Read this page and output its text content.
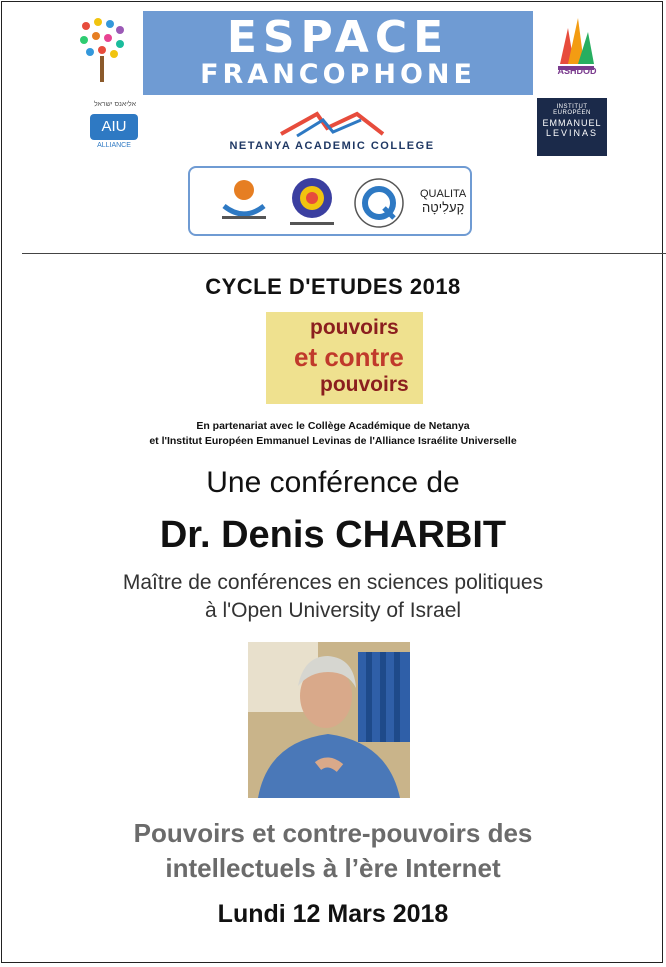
ESPACE
FRANCOPHONE	ASHDOD
אליאנס ישראל
AIU
ALLIANCE	NETANYA ACADEMIC COLLEGE
INSTITUT EUROPÉEN
EMMANUEL
LEVINAS
QUALITA
קָעלִיטָה
CYCLE D'ETUDES 2018
pouvoirs
et contre
pouvoirs
En partenariat avec le Collège Académique de Netanya
et l'Institut Européen Emmanuel Levinas de l'Alliance Israélite Universelle
Une conférence de
Dr. Denis CHARBIT
Maître de conférences en sciences politiques
à l'Open University of Israel
Pouvoirs et contre-pouvoirs des
intellectuels à l’ère Internet
Lundi 12 Mars 2018
